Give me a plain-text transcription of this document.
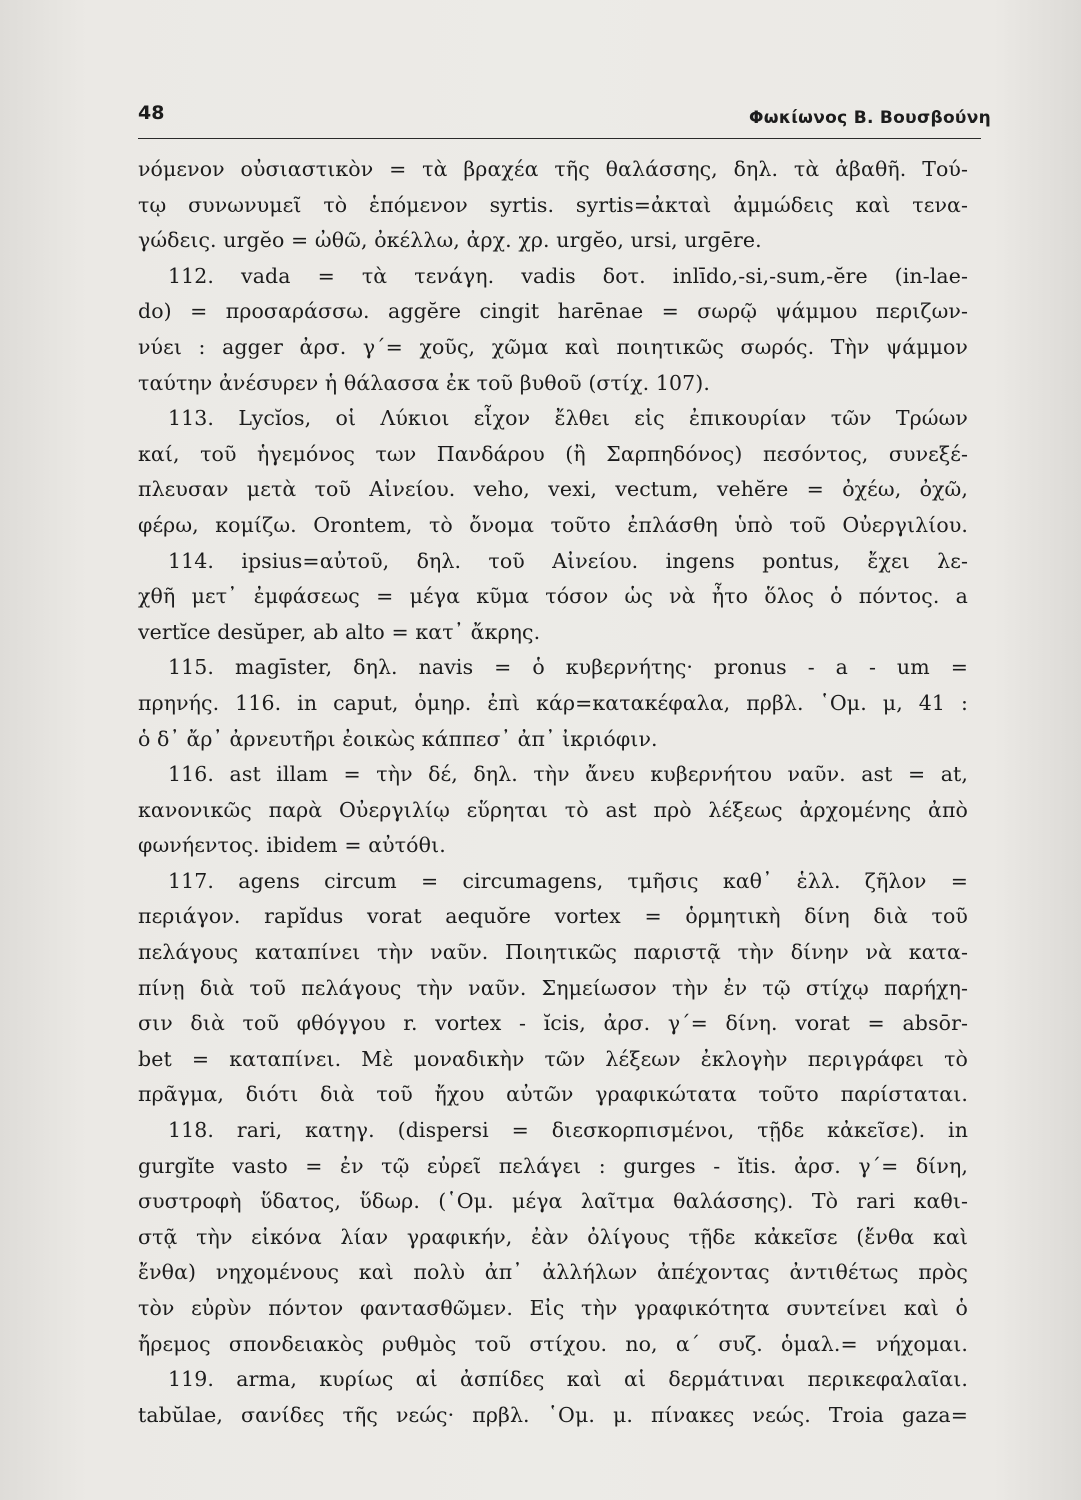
48	Φωκίωνος Β. Βουσβούνη
νόμενον οὐσιαστικὸν = τὰ βραχέα τῆς θαλάσσης, δηλ. τὰ ἀβαθῆ. Τού-
τῳ συνωνυμεῖ τὸ ἑπόμενον syrtis. syrtis=ἀκταὶ ἀμμώδεις καὶ τενα-
γώδεις. urgĕo = ὠθῶ, ὀκέλλω, ἀρχ. χρ. urgĕo, ursi, urgēre.
112. vada = τὰ τενάγη. vadis δοτ. inlīdo,-si,-sum,-ĕre (in-lae-
do) = προσαράσσω. aggĕre cingit harēnae = σωρῷ ψάμμου περιζων-
νύει : agger ἀρσ. γ΄= χοῦς, χῶμα καὶ ποιητικῶς σωρός. Τὴν ψάμμον
ταύτην ἀνέσυρεν ἡ θάλασσα ἐκ τοῦ βυθοῦ (στίχ. 107).
113. Lycĭos, οἱ Λύκιοι εἶχον ἔλθει εἰς ἐπικουρίαν τῶν Τρώων
καί, τοῦ ἡγεμόνος των Πανδάρου (ἢ Σαρπηδόνος) πεσόντος, συνεξέ-
πλευσαν μετὰ τοῦ Αἰνείου. veho, vexi, vectum, vehĕre = ὀχέω, ὀχῶ,
φέρω, κομίζω. Orontem, τὸ ὄνομα τοῦτο ἐπλάσθη ὑπὸ τοῦ Οὐεργιλίου.
114. ipsius=αὐτοῦ, δηλ. τοῦ Αἰνείου. ingens pontus, ἔχει λε-
χθῆ μετ᾿ ἐμφάσεως = μέγα κῦμα τόσον ὡς νὰ ἦτο ὅλος ὁ πόντος. a
vertĭce desŭper, ab alto = κατ᾿ ἄκρης.
115. magīster, δηλ. navis = ὁ κυβερνήτης· pronus - a - um =
πρηνής. 116. in caput, ὁμηρ. ἐπὶ κάρ=κατακέφαλα, πρβλ. ῾Ομ. μ, 41 :
ὁ δ᾿ ἄρ᾿ ἀρνευτῆρι ἐοικὼς κάππεσ᾿ ἀπ᾿ ἰκριόφιν.
116. ast illam = τὴν δέ, δηλ. τὴν ἄνευ κυβερνήτου ναῦν. ast = at,
κανονικῶς παρὰ Οὐεργιλίῳ εὕρηται τὸ ast πρὸ λέξεως ἀρχομένης ἀπὸ
φωνήεντος. ibidem = αὐτόθι.
117. agens circum = circumagens, τμῆσις καθ᾿ ἑλλ. ζῆλον =
περιάγον. rapĭdus vorat aequŏre vortex = ὁρμητικὴ δίνη διὰ τοῦ
πελάγους καταπίνει τὴν ναῦν. Ποιητικῶς παριστᾷ τὴν δίνην νὰ κατα-
πίνῃ διὰ τοῦ πελάγους τὴν ναῦν. Σημείωσον τὴν ἐν τῷ στίχῳ παρήχη-
σιν διὰ τοῦ φθόγγου r. vortex - ĭcis, ἀρσ. γ΄= δίνη. vorat = absōr-
bet = καταπίνει. Μὲ μοναδικὴν τῶν λέξεων ἐκλογὴν περιγράφει τὸ
πρᾶγμα, διότι διὰ τοῦ ἤχου αὐτῶν γραφικώτατα τοῦτο παρίσταται.
118. rari, κατηγ. (dispersi = διεσκορπισμένοι, τῇδε κἀκεῖσε). in
gurgĭte vasto = ἐν τῷ εὐρεῖ πελάγει : gurges - ĭtis. ἀρσ. γ΄= δίνη,
συστροφὴ ὕδατος, ὕδωρ. (῾Ομ. μέγα λαῖτμα θαλάσσης). Τὸ rari καθι-
στᾷ τὴν εἰκόνα λίαν γραφικήν, ἐὰν ὀλίγους τῇδε κἀκεῖσε (ἔνθα καὶ
ἔνθα) νηχομένους καὶ πολὺ ἀπ᾿ ἀλλήλων ἀπέχοντας ἀντιθέτως πρὸς
τὸν εὐρὺν πόντον φαντασθῶμεν. Εἰς τὴν γραφικότητα συντείνει καὶ ὁ
ἤρεμος σπονδειακὸς ρυθμὸς τοῦ στίχου. no, α΄ συζ. ὁμαλ.= νήχομαι.
119. arma, κυρίως αἱ ἀσπίδες καὶ αἱ δερμάτιναι περικεφαλαῖαι.
tabŭlae, σανίδες τῆς νεώς· πρβλ. ῾Ομ. μ. πίνακες νεώς. Troia gaza=
